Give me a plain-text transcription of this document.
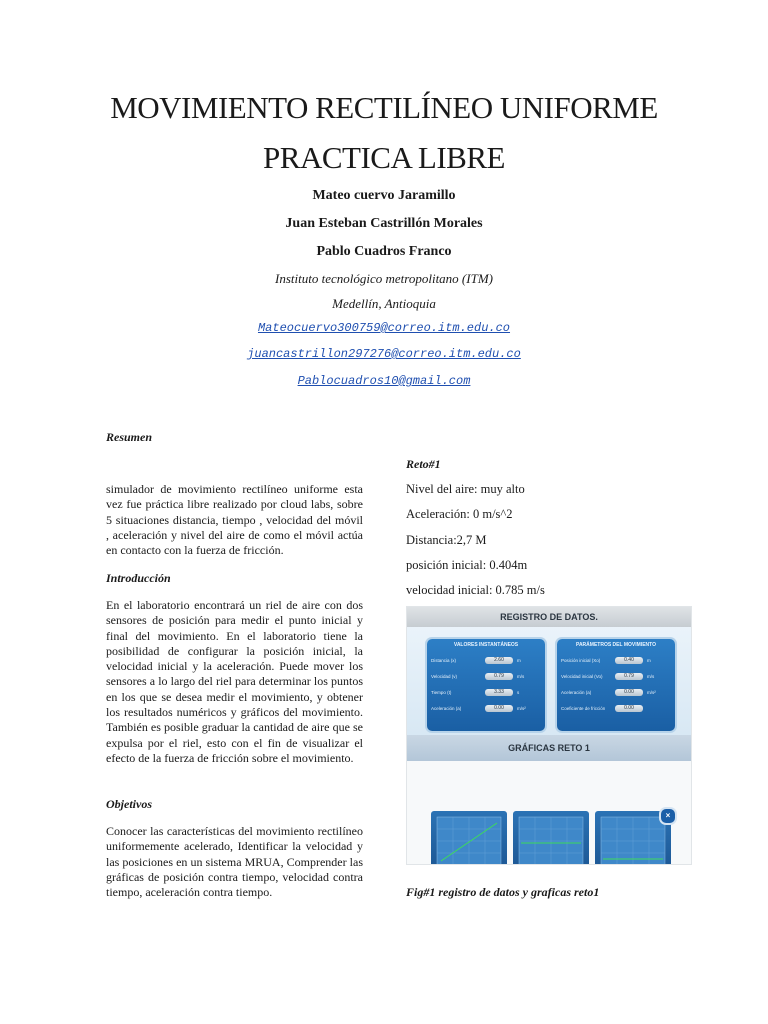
MOVIMIENTO RECTILÍNEO UNIFORME
PRACTICA LIBRE
Mateo cuervo Jaramillo
Juan Esteban Castrillón Morales
Pablo Cuadros Franco
Instituto tecnológico metropolitano (ITM)
Medellín, Antioquia
Mateocuervo300759@correo.itm.edu.co
juancastrillon297276@correo.itm.edu.co
Pablocuadros10@gmail.com
Resumen
simulador de movimiento rectilíneo uniforme esta vez fue práctica libre realizado por cloud labs, sobre 5 situaciones distancia, tiempo , velocidad del móvil , aceleración y nivel del aire de como el móvil actúa en contacto con la fuerza de fricción.
Introducción
En el laboratorio encontrará un riel de aire con dos sensores de posición para medir el punto inicial y final del movimiento. En el laboratorio tiene la posibilidad de configurar la posición inicial, la velocidad inicial y la aceleración. Puede mover los sensores a lo largo del riel para determinar los puntos en los que se desea medir el movimiento, y obtener los resultados numéricos y gráficos del movimiento. También es posible graduar la cantidad de aire que se expulsa por el riel, esto con el fin de visualizar el efecto de la fuerza de fricción sobre el movimiento.
Objetivos
Conocer las características del movimiento rectilíneo uniformemente acelerado, Identificar la velocidad y las posiciones en un sistema MRUA, Comprender las gráficas de posición contra tiempo, velocidad contra tiempo, aceleración contra tiempo.
Reto#1
Nivel del aire: muy alto
Aceleración: 0 m/s^2
Distancia:2,7 M
posición inicial: 0.404m
velocidad inicial: 0.785 m/s
REGISTRO DE DATOS.
VALORES INSTANTÁNEOS
Distancia (x)	2.60	m
Velocidad (v)	0.79	m/s
Tiempo (t)	3.33	s
Aceleración (a)	0.00	m/s²
PARÁMETROS DEL MOVIMIENTO
Posición inicial (Xo)	0.40	m
Velocidad inicial (Vo)	0.79	m/s
Aceleración (a)	0.00	m/s²
Coeficiente de fricción	0.00
GRÁFICAS RETO 1
×
Fig#1 registro de datos y graficas reto1
